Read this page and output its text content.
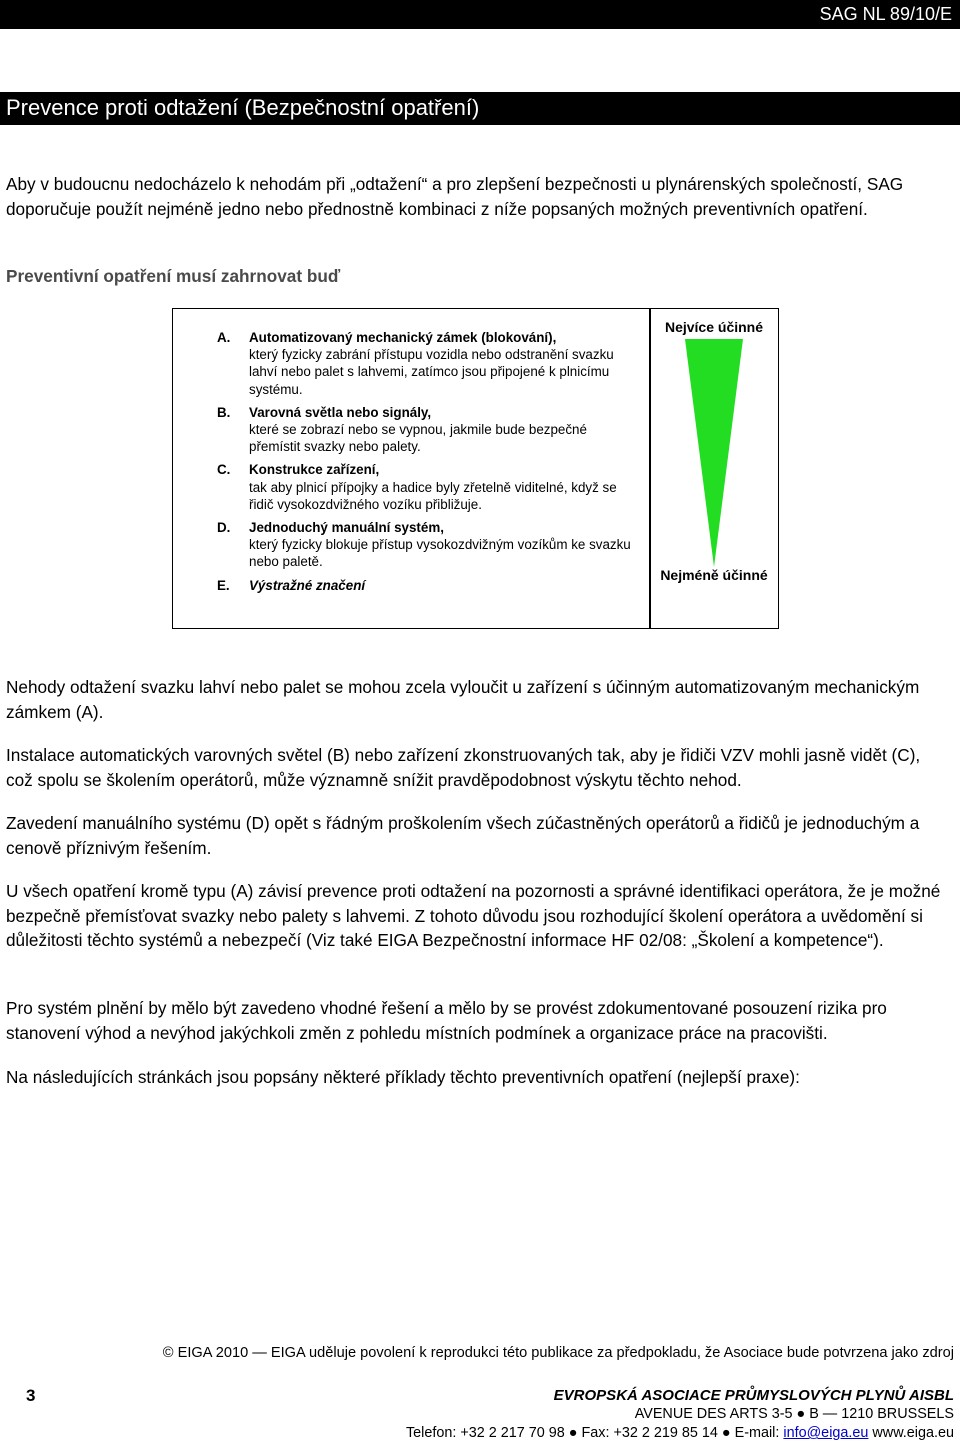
SAG NL 89/10/E
Prevence proti odtažení (Bezpečnostní opatření)
Aby v budoucnu nedocházelo k nehodám při „odtažení“ a pro zlepšení bezpečnosti u plynárenských společností, SAG doporučuje použít nejméně jedno nebo přednostně kombinaci z níže popsaných možných preventivních opatření.
Preventivní opatření musí zahrnovat buď
A. Automatizovaný mechanický zámek (blokování),
který fyzicky zabrání přístupu vozidla nebo odstranění svazku lahví nebo palet s lahvemi, zatímco jsou připojené k plnicímu systému.
B. Varovná světla nebo signály,
které se zobrazí nebo se vypnou, jakmile bude bezpečné přemístit svazky nebo palety.
C. Konstrukce zařízení,
tak aby plnicí přípojky a hadice byly zřetelně viditelné, když se řidič vysokozdvižného vozíku přibližuje.
D. Jednoduchý manuální systém,
který fyzicky blokuje přístup vysokozdvižným vozíkům ke svazku nebo paletě.
E. Výstražné značení
Nejvíce účinné
Nejméně účinné
Nehody odtažení svazku lahví nebo palet se mohou zcela vyloučit u zařízení s účinným automatizovaným mechanickým zámkem (A).
Instalace automatických varovných světel (B) nebo zařízení zkonstruovaných tak, aby je řidiči VZV mohli jasně vidět (C), což spolu se školením operátorů, může významně snížit pravděpodobnost výskytu těchto nehod.
Zavedení manuálního systému (D) opět s řádným proškolením všech zúčastněných operátorů a řidičů je jednoduchým a cenově příznivým řešením.
U všech opatření kromě typu (A) závisí prevence proti odtažení na pozornosti a správné identifikaci operátora, že je možné bezpečně přemísťovat svazky nebo palety s lahvemi. Z tohoto důvodu jsou rozhodující školení operátora a uvědomění si důležitosti těchto systémů a nebezpečí (Viz také EIGA Bezpečnostní informace HF 02/08: „Školení a kompetence“).
Pro systém plnění by mělo být zavedeno vhodné řešení a mělo by se provést zdokumentované posouzení rizika pro stanovení výhod a nevýhod jakýchkoli změn z pohledu místních podmínek a organizace práce na pracovišti.
Na následujících stránkách jsou popsány některé příklady těchto preventivních opatření (nejlepší praxe):
© EIGA 2010 — EIGA uděluje povolení k reprodukci této publikace za předpokladu, že Asociace bude potvrzena jako zdroj
3	EVROPSKÁ ASOCIACE PRŮMYSLOVÝCH PLYNŮ AISBL
AVENUE DES ARTS 3-5 ● B — 1210 BRUSSELS
Telefon: +32 2 217 70 98 ● Fax: +32 2 219 85 14 ● E-mail: info@eiga.eu www.eiga.eu
